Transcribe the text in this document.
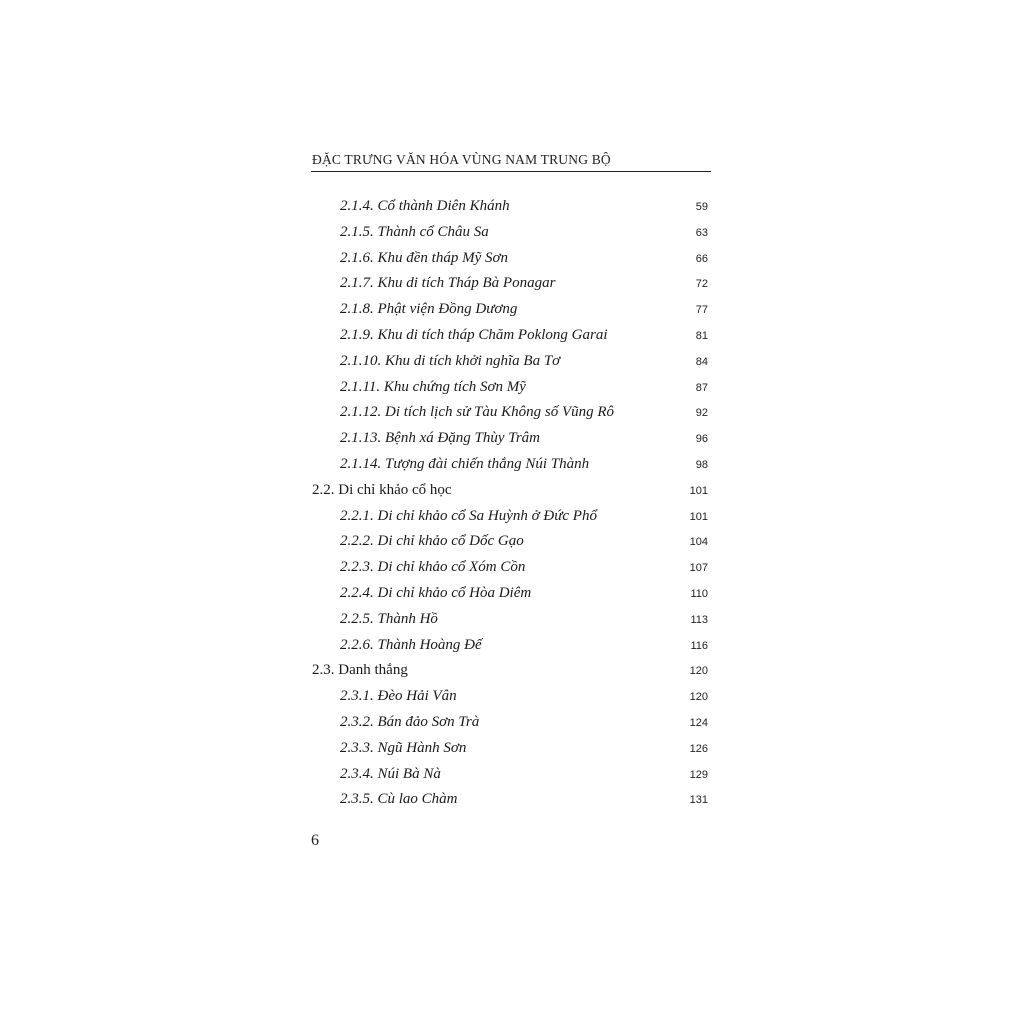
ĐẶC TRƯNG VĂN HÓA VÙNG NAM TRUNG BỘ
2.1.4. Cổ thành Diên Khánh	59
2.1.5. Thành cổ Châu Sa	63
2.1.6. Khu đền tháp Mỹ Sơn	66
2.1.7. Khu di tích Tháp Bà Ponagar	72
2.1.8. Phật viện Đồng Dương	77
2.1.9. Khu di tích tháp Chăm Poklong Garai	81
2.1.10. Khu di tích khởi nghĩa Ba Tơ	84
2.1.11. Khu chứng tích Sơn Mỹ	87
2.1.12. Di tích lịch sử Tàu Không số Vũng Rô	92
2.1.13. Bệnh xá Đặng Thùy Trâm	96
2.1.14. Tượng đài chiến thắng Núi Thành	98
2.2. Di chỉ khảo cổ học	101
2.2.1. Di chỉ khảo cổ Sa Huỳnh ở Đức Phổ	101
2.2.2. Di chỉ khảo cổ Dốc Gạo	104
2.2.3. Di chỉ khảo cổ Xóm Cồn	107
2.2.4. Di chỉ khảo cổ Hòa Diêm	110
2.2.5. Thành Hồ	113
2.2.6. Thành Hoàng Đế	116
2.3. Danh thắng	120
2.3.1. Đèo Hải Vân	120
2.3.2. Bán đảo Sơn Trà	124
2.3.3. Ngũ Hành Sơn	126
2.3.4. Núi Bà Nà	129
2.3.5. Cù lao Chàm	131
6
